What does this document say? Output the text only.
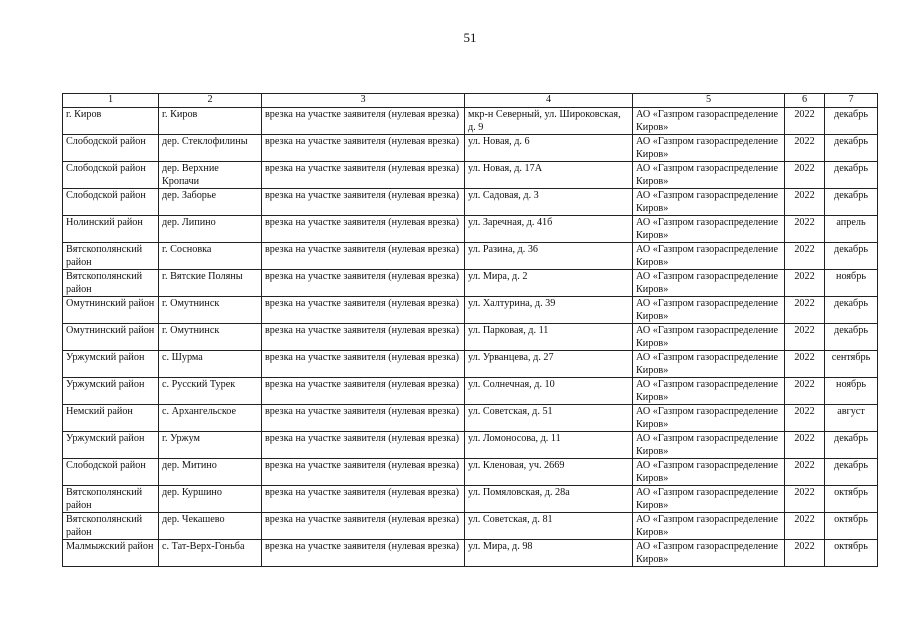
51
1	2	3	4	5	6	7
г. Киров	г. Киров	врезка на участке заявителя (нулевая врезка)	мкр-н Северный, ул. Широковская, д. 9	АО «Газпром газораспределение Киров»	2022	декабрь
Слободской район	дер. Стеклофилины	врезка на участке заявителя (нулевая врезка)	ул. Новая, д. 6	АО «Газпром газораспределение Киров»	2022	декабрь
Слободской район	дер. Верхние Кропачи	врезка на участке заявителя (нулевая врезка)	ул. Новая, д. 17А	АО «Газпром газораспределение Киров»	2022	декабрь
Слободской район	дер. Заборье	врезка на участке заявителя (нулевая врезка)	ул. Садовая, д. 3	АО «Газпром газораспределение Киров»	2022	декабрь
Нолинский район	дер. Липино	врезка на участке заявителя (нулевая врезка)	ул. Заречная, д. 41б	АО «Газпром газораспределение Киров»	2022	апрель
Вятскополянский район	г. Сосновка	врезка на участке заявителя (нулевая врезка)	ул. Разина, д. 36	АО «Газпром газораспределение Киров»	2022	декабрь
Вятскополянский район	г. Вятские Поляны	врезка на участке заявителя (нулевая врезка)	ул. Мира, д. 2	АО «Газпром газораспределение Киров»	2022	ноябрь
Омутнинский район	г. Омутнинск	врезка на участке заявителя (нулевая врезка)	ул. Халтурина, д. 39	АО «Газпром газораспределение Киров»	2022	декабрь
Омутнинский район	г. Омутнинск	врезка на участке заявителя (нулевая врезка)	ул. Парковая, д. 11	АО «Газпром газораспределение Киров»	2022	декабрь
Уржумский район	с. Шурма	врезка на участке заявителя (нулевая врезка)	ул. Урванцева, д. 27	АО «Газпром газораспределение Киров»	2022	сентябрь
Уржумский район	с. Русский Турек	врезка на участке заявителя (нулевая врезка)	ул. Солнечная, д. 10	АО «Газпром газораспределение Киров»	2022	ноябрь
Немский район	с. Архангельское	врезка на участке заявителя (нулевая врезка)	ул. Советская, д. 51	АО «Газпром газораспределение Киров»	2022	август
Уржумский район	г. Уржум	врезка на участке заявителя (нулевая врезка)	ул. Ломоносова, д. 11	АО «Газпром газораспределение Киров»	2022	декабрь
Слободской район	дер. Митино	врезка на участке заявителя (нулевая врезка)	ул. Кленовая, уч. 2669	АО «Газпром газораспределение Киров»	2022	декабрь
Вятскополянский район	дер. Куршино	врезка на участке заявителя (нулевая врезка)	ул. Помяловская, д. 28а	АО «Газпром газораспределение Киров»	2022	октябрь
Вятскополянский район	дер. Чекашево	врезка на участке заявителя (нулевая врезка)	ул. Советская, д. 81	АО «Газпром газораспределение Киров»	2022	октябрь
Малмыжский район	с. Тат-Верх-Гоньба	врезка на участке заявителя (нулевая врезка)	ул. Мира, д. 98	АО «Газпром газораспределение Киров»	2022	октябрь
